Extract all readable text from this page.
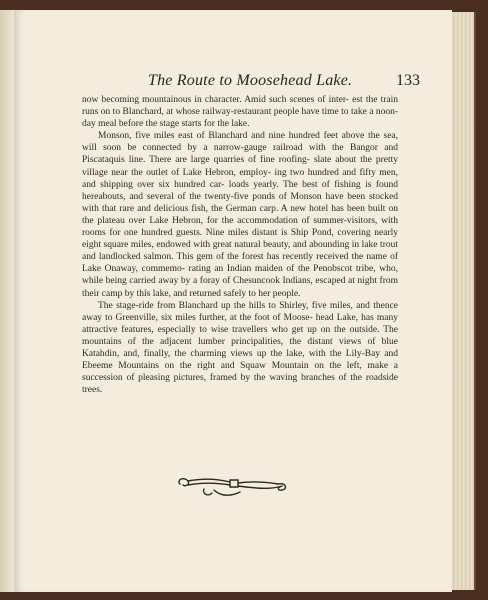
The Route to Moosehead Lake.	133

now becoming mountainous in character. Amid such scenes of inter- est the train runs on to Blanchard, at whose railway-restaurant people have time to take a noon-day meal before the stage starts for the lake.

Monson, five miles east of Blanchard and nine hundred feet above the sea, will soon be connected by a narrow-gauge railroad with the Bangor and Piscataquis line. There are large quarries of fine roofing- slate about the pretty village near the outlet of Lake Hebron, employ- ing two hundred and fifty men, and shipping over six hundred car- loads yearly. The best of fishing is found hereabouts, and several of the twenty-five ponds of Monson have been stocked with that rare and delicious fish, the German carp. A new hotel has been built on the plateau over Lake Hebron, for the accommodation of summer-visitors, with rooms for one hundred guests. Nine miles distant is Ship Pond, covering nearly eight square miles, endowed with great natural beauty, and abounding in lake trout and landlocked salmon. This gem of the forest has recently received the name of Lake Onaway, commemo- rating an Indian maiden of the Penobscot tribe, who, while being carried away by a foray of Chesuncook Indians, escaped at night from their camp by this lake, and returned safely to her people.

The stage-ride from Blanchard up the hills to Shirley, five miles, and thence away to Greenville, six miles further, at the foot of Moose- head Lake, has many attractive features, especially to wise travellers who get up on the outside. The mountains of the adjacent lumber principalities, the distant views of blue Katahdin, and, finally, the charming views up the lake, with the Lily-Bay and Ebeeme Mountains on the right and Squaw Mountain on the left, make a succession of pleasing pictures, framed by the waving branches of the roadside trees.
